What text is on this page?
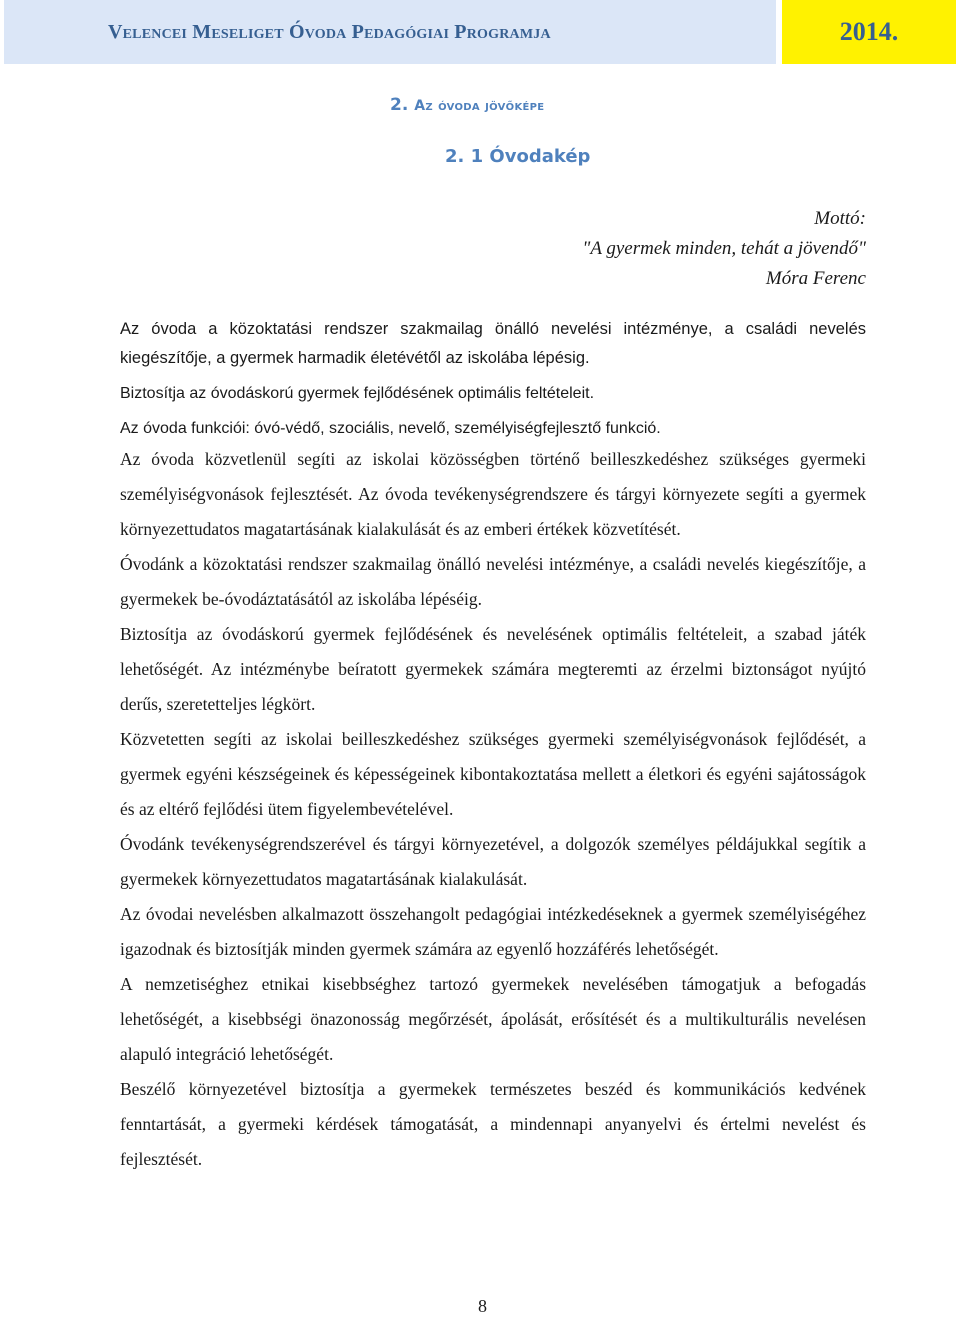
Velencei Meseliget Óvoda Pedagógiai Programja	2014.
2. Az óvoda jövőképe
2. 1 Óvodakép
Mottó:
"A gyermek minden, tehát a jövendő"
Móra Ferenc

Az óvoda a közoktatási rendszer szakmailag önálló nevelési intézménye, a családi nevelés kiegészítője, a gyermek harmadik életévétől az iskolába lépésig.

Biztosítja az óvodáskorú gyermek fejlődésének optimális feltételeit.

Az óvoda funkciói: óvó-védő, szociális, nevelő, személyiségfejlesztő funkció.

Az óvoda közvetlenül segíti az iskolai közösségben történő beilleszkedéshez szükséges gyermeki személyiségvonások fejlesztését. Az óvoda tevékenységrendszere és tárgyi környezete segíti a gyermek környezettudatos magatartásának kialakulását és az emberi értékek közvetítését.

Óvodánk a közoktatási rendszer szakmailag önálló nevelési intézménye, a családi nevelés kiegészítője, a gyermekek be-óvodáztatásától az iskolába lépéséig.

Biztosítja az óvodáskorú gyermek fejlődésének és nevelésének optimális feltételeit, a szabad játék lehetőségét. Az intézménybe beíratott gyermekek számára megteremti az érzelmi biztonságot nyújtó derűs, szeretetteljes légkört.

Közvetetten segíti az iskolai beilleszkedéshez szükséges gyermeki személyiségvonások fejlődését, a gyermek egyéni készségeinek és képességeinek kibontakoztatása mellett a életkori és egyéni sajátosságok és az eltérő fejlődési ütem figyelembevételével.

Óvodánk tevékenységrendszerével és tárgyi környezetével, a dolgozók személyes példájukkal segítik a gyermekek környezettudatos magatartásának kialakulását.

Az óvodai nevelésben alkalmazott összehangolt pedagógiai intézkedéseknek a gyermek személyiségéhez igazodnak és biztosítják minden gyermek számára az egyenlő hozzáférés lehetőségét.

A nemzetiséghez etnikai kisebbséghez tartozó gyermekek nevelésében támogatjuk a befogadás lehetőségét, a kisebbségi önazonosság megőrzését, ápolását, erősítését és a multikulturális nevelésen alapuló integráció lehetőségét.

Beszélő környezetével biztosítja a gyermekek természetes beszéd és kommunikációs kedvének fenntartását, a gyermeki kérdések támogatását, a mindennapi anyanyelvi és értelmi nevelést és fejlesztését.

8
